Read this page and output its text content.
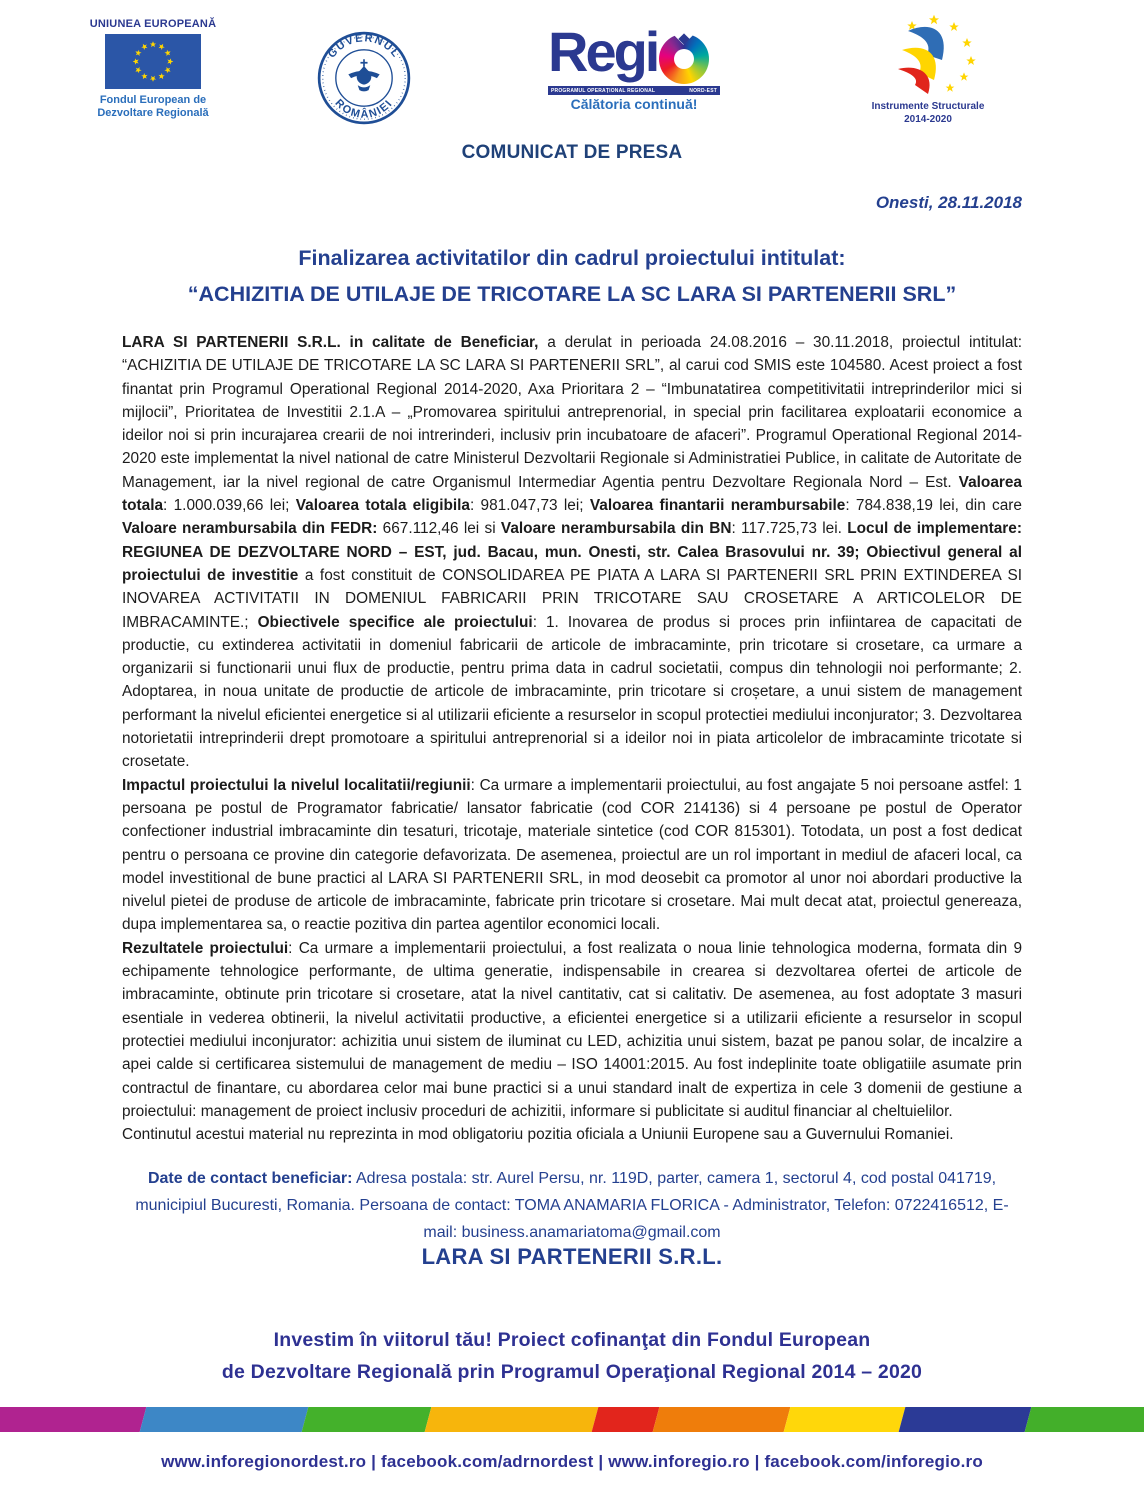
UNIUNEA EUROPEANĂ
Fondul European de
Dezvoltare Regională
GUVERNUL
ROMÂNIEI
Regi
PROGRAMUL OPERAȚIONAL REGIONAL	NORD-EST
Călătoria continuă!	Instrumente Structurale
2014-2020
COMUNICAT DE PRESA
Onesti, 28.11.2018
Finalizarea activitatilor din cadrul proiectului intitulat:
“ACHIZITIA DE UTILAJE DE TRICOTARE LA SC LARA SI PARTENERII SRL”

LARA SI PARTENERII S.R.L. in calitate de Beneficiar, a derulat in perioada 24.08.2016 – 30.11.2018, proiectul intitulat: “ACHIZITIA DE UTILAJE DE TRICOTARE LA SC LARA SI PARTENERII SRL”, al carui cod SMIS este 104580. Acest proiect a fost finantat prin Programul Operational Regional 2014-2020, Axa Prioritara 2 – “Imbunatatirea competitivitatii intreprinderilor mici si mijlocii”, Prioritatea de Investitii 2.1.A – „Promovarea spiritului antreprenorial, in special prin facilitarea exploatarii economice a ideilor noi si prin incurajarea crearii de noi intrerinderi, inclusiv prin incubatoare de afaceri”. Programul Operational Regional 2014-2020 este implementat la nivel national de catre Ministerul Dezvoltarii Regionale si Administratiei Publice, in calitate de Autoritate de Management, iar la nivel regional de catre Organismul Intermediar Agentia pentru Dezvoltare Regionala Nord – Est. Valoarea totala: 1.000.039,66 lei; Valoarea totala eligibila: 981.047,73 lei; Valoarea finantarii nerambursabile: 784.838,19 lei, din care Valoare nerambursabila din FEDR: 667.112,46 lei si Valoare nerambursabila din BN: 117.725,73 lei. Locul de implementare: REGIUNEA DE DEZVOLTARE NORD – EST, jud. Bacau, mun. Onesti, str. Calea Brasovului nr. 39; Obiectivul general al proiectului de investitie a fost constituit de CONSOLIDAREA PE PIATA A LARA SI PARTENERII SRL PRIN EXTINDEREA SI INOVAREA ACTIVITATII IN DOMENIUL FABRICARII PRIN TRICOTARE SAU CROSETARE A ARTICOLELOR DE IMBRACAMINTE.; Obiectivele specifice ale proiectului: 1. Inovarea de produs si proces prin infiintarea de capacitati de productie, cu extinderea activitatii in domeniul fabricarii de articole de imbracaminte, prin tricotare si crosetare, ca urmare a organizarii si functionarii unui flux de productie, pentru prima data in cadrul societatii, compus din tehnologii noi performante; 2. Adoptarea, in noua unitate de productie de articole de imbracaminte, prin tricotare si croșetare, a unui sistem de management performant la nivelul eficientei energetice si al utilizarii eficiente a resurselor in scopul protectiei mediului inconjurator; 3. Dezvoltarea notorietatii intreprinderii drept promotoare a spiritului antreprenorial si a ideilor noi in piata articolelor de imbracaminte tricotate si crosetate.

Impactul proiectului la nivelul localitatii/regiunii: Ca urmare a implementarii proiectului, au fost angajate 5 noi persoane astfel: 1 persoana pe postul de Programator fabricatie/ lansator fabricatie (cod COR 214136) si 4 persoane pe postul de Operator confectioner industrial imbracaminte din tesaturi, tricotaje, materiale sintetice (cod COR 815301). Totodata, un post a fost dedicat pentru o persoana ce provine din categorie defavorizata. De asemenea, proiectul are un rol important in mediul de afaceri local, ca model investitional de bune practici al LARA SI PARTENERII SRL, in mod deosebit ca promotor al unor noi abordari productive la nivelul pietei de produse de articole de imbracaminte, fabricate prin tricotare si crosetare. Mai mult decat atat, proiectul genereaza, dupa implementarea sa, o reactie pozitiva din partea agentilor economici locali.

Rezultatele proiectului: Ca urmare a implementarii proiectului, a fost realizata o noua linie tehnologica moderna, formata din 9 echipamente tehnologice performante, de ultima generatie, indispensabile in crearea si dezvoltarea ofertei de articole de imbracaminte, obtinute prin tricotare si crosetare, atat la nivel cantitativ, cat si calitativ. De asemenea, au fost adoptate 3 masuri esentiale in vederea obtinerii, la nivelul activitatii productive, a eficientei energetice si a utilizarii eficiente a resurselor in scopul protectiei mediului inconjurator: achizitia unui sistem de iluminat cu LED, achizitia unui sistem, bazat pe panou solar, de incalzire a apei calde si certificarea sistemului de management de mediu – ISO 14001:2015. Au fost indeplinite toate obligatiile asumate prin contractul de finantare, cu abordarea celor mai bune practici si a unui standard inalt de expertiza in cele 3 domenii de gestiune a proiectului: management de proiect inclusiv proceduri de achizitii, informare si publicitate si auditul financiar al cheltuielilor.

Continutul acestui material nu reprezinta in mod obligatoriu pozitia oficiala a Uniunii Europene sau a Guvernului Romaniei.

Date de contact beneficiar: Adresa postala: str. Aurel Persu, nr. 119D, parter, camera 1, sectorul 4, cod postal 041719, municipiul Bucuresti, Romania. Persoana de contact: TOMA ANAMARIA FLORICA - Administrator, Telefon: 0722416512, E-mail: business.anamariatoma@gmail.com
LARA SI PARTENERII S.R.L.
Investim în viitorul tău! Proiect cofinanţat din Fondul European
de Dezvoltare Regională prin Programul Operaţional Regional 2014 – 2020
www.inforegionordest.ro | facebook.com/adrnordest | www.inforegio.ro | facebook.com/inforegio.ro
